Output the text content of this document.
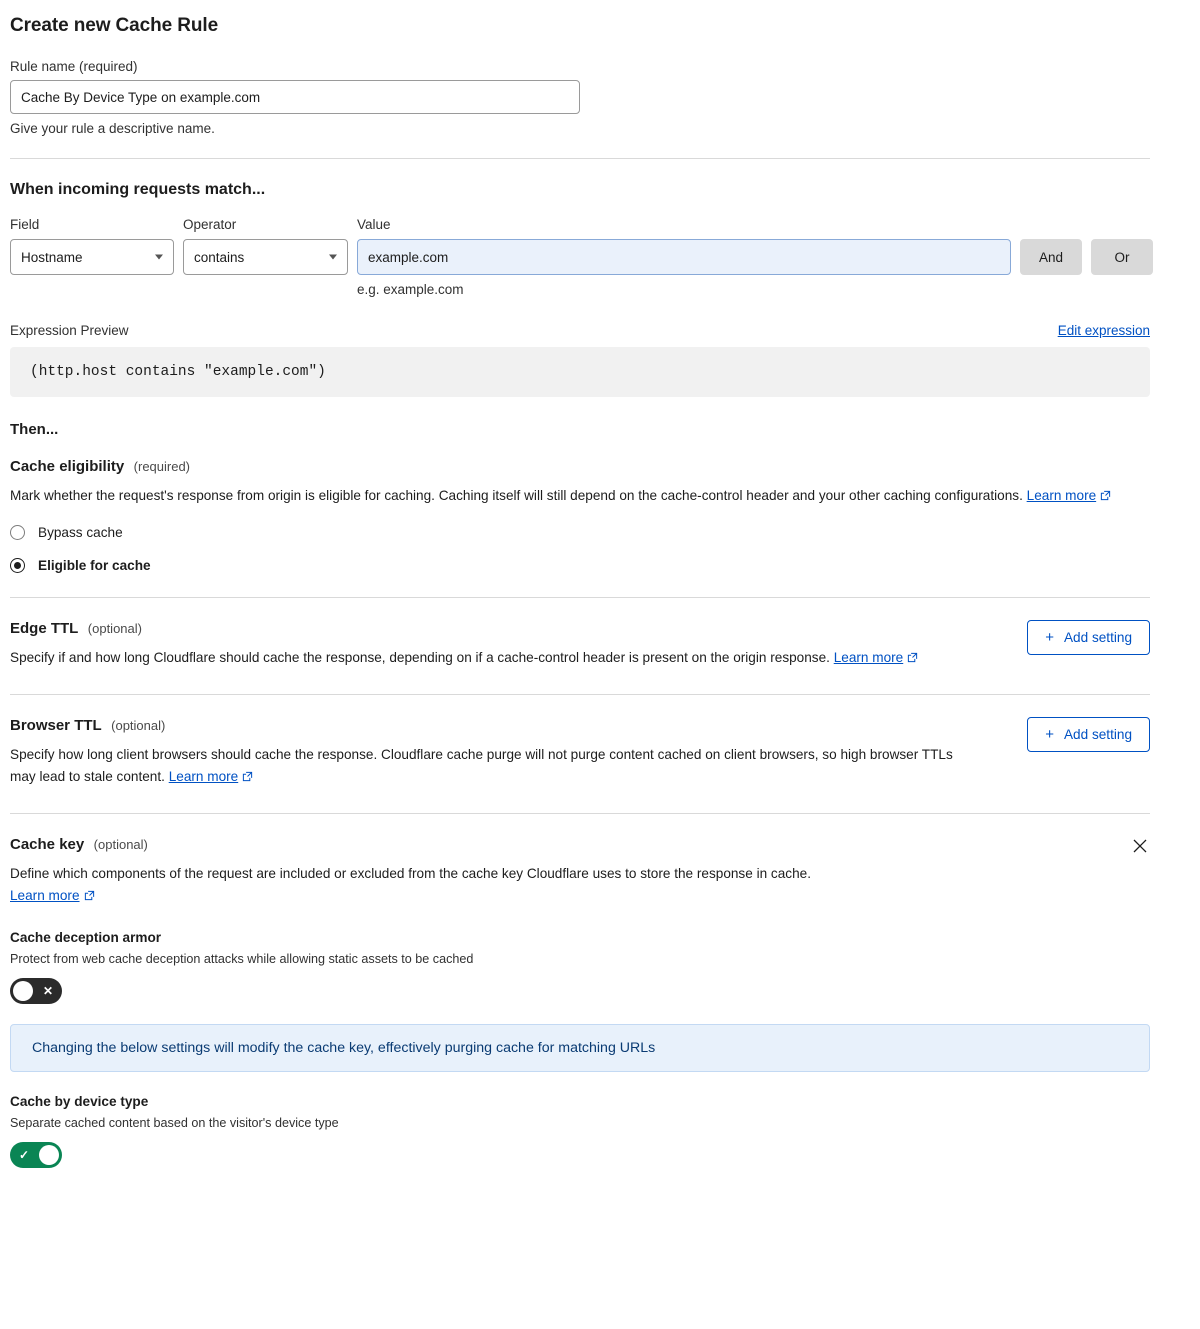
Create new Cache Rule
Rule name (required)
Cache By Device Type on example.com
Give your rule a descriptive name.
When incoming requests match...
Field
Hostname
Operator
contains
Value
example.com
e.g. example.com
And	Or
Expression Preview	Edit expression
(http.host contains "example.com")
Then...
Cache eligibility (required)
Mark whether the request's response from origin is eligible for caching. Caching itself will still depend on the cache-control header and your other caching configurations. Learn more
Bypass cache
Eligible for cache
Edge TTL (optional)
Specify if and how long Cloudflare should cache the response, depending on if a cache-control header is present on the origin response. Learn more
+ Add setting
Browser TTL (optional)
Specify how long client browsers should cache the response. Cloudflare cache purge will not purge content cached on client browsers, so high browser TTLs may lead to stale content. Learn more
+ Add setting
Cache key (optional)
Define which components of the request are included or excluded from the cache key Cloudflare uses to store the response in cache.
Learn more
Cache deception armor
Protect from web cache deception attacks while allowing static assets to be cached
✕
Changing the below settings will modify the cache key, effectively purging cache for matching URLs
Cache by device type
Separate cached content based on the visitor's device type
✓
